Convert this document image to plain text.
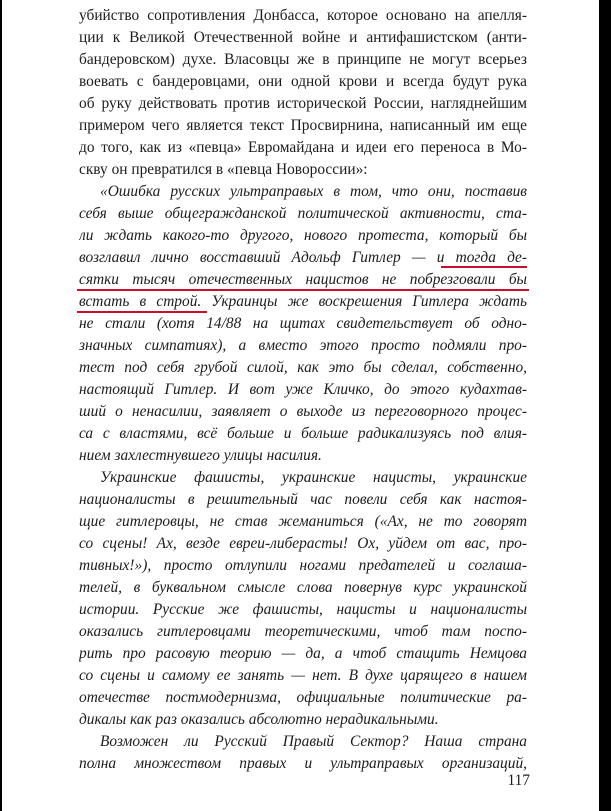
убийство сопротивления Донбасса, которое основано на апелля-

ции к Великой Отечественной войне и антифашистском (анти-

бандеровском) духе. Власовцы же в принципе не могут всерьез

воевать с бандеровцами, они одной крови и всегда будут рука

об руку действовать против исторической России, нагляднейшим

примером чего является текст Просвирнина, написанный им еще

до того, как из «певца» Евромайдана и идеи его переноса в Мо-

скву он превратился в «певца Новороссии»:

«Ошибка русских ультраправых в том, что они, поставив

себя выше общегражданской политической активности, ста-

ли ждать какого-то другого, нового протеста, который бы

возглавил лично восставший Адольф Гитлер — и тогда де-

сятки тысяч отечественных нацистов не побрезговали бы

встать в строй. Украинцы же воскрешения Гитлера ждать

не стали (хотя 14/88 на щитах свидетельствует об одно-

значных симпатиях), а вместо этого просто подмяли про-

тест под себя грубой силой, как это бы сделал, собственно,

настоящий Гитлер. И вот уже Кличко, до этого кудахтав-

ший о ненасилии, заявляет о выходе из переговорного процес-

са с властями, всё больше и больше радикализуясь под влия-

нием захлестнувшего улицы насилия.

Украинские фашисты, украинские нацисты, украинские

националисты в решительный час повели себя как настоя-

щие гитлеровцы, не став жеманиться («Ах, не то говорят

со сцены! Ах, везде евреи-либерасты! Ох, уйдем от вас, про-

тивных!»), просто отлупили ногами предателей и соглаша-

телей, в буквальном смысле слова повернув курс украинской

истории. Русские же фашисты, нацисты и националисты

оказались гитлеровцами теоретическими, чтоб там поспо-

рить про расовую теорию — да, а чтоб стащить Немцова

со сцены и самому ее занять — нет. В духе царящего в нашем

отечестве постмодернизма, официальные политические ра-

дикалы как раз оказались абсолютно нерадикальными.

Возможен ли Русский Правый Сектор? Наша страна

полна множеством правых и ультраправых организаций,

117
